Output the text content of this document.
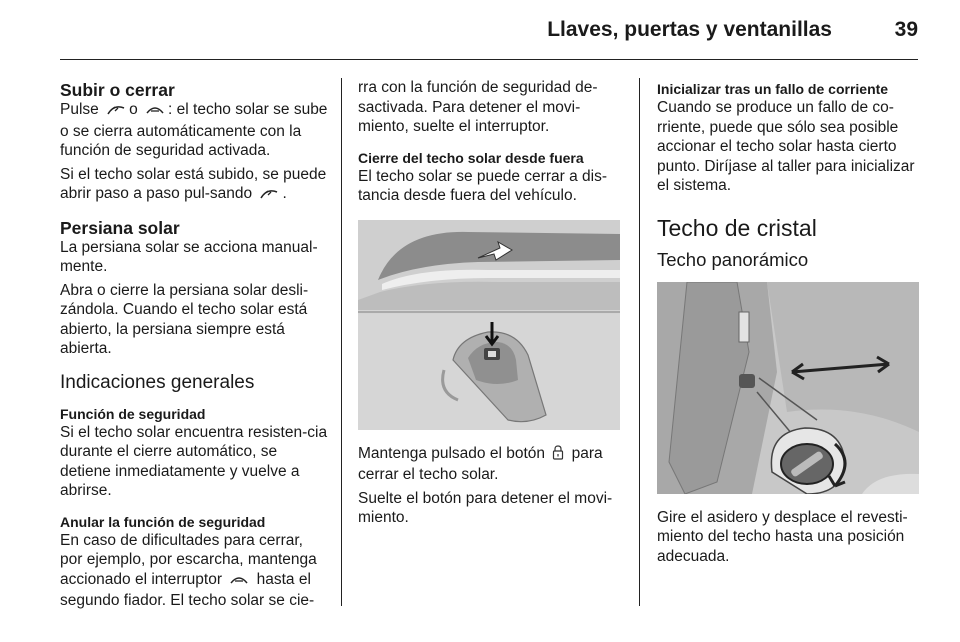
Llaves, puertas y ventanillas	39
Subir o cerrar
Pulse o : el techo solar se sube o se cierra automáticamente con la función de seguridad activada.
Si el techo solar está subido, se puede abrir paso a paso pul-sando .
Persiana solar
La persiana solar se acciona manual-mente.
Abra o cierre la persiana solar desli-zándola. Cuando el techo solar está abierto, la persiana siempre está abierta.
Indicaciones generales
Función de seguridad
Si el techo solar encuentra resisten-cia durante el cierre automático, se detiene inmediatamente y vuelve a abrirse.
Anular la función de seguridad
En caso de dificultades para cerrar, por ejemplo, por escarcha, mantenga accionado el interruptor hasta el segundo fiador. El techo solar se cie-
rra con la función de seguridad de-sactivada. Para detener el movi-miento, suelte el interruptor.
Cierre del techo solar desde fuera
El techo solar se puede cerrar a dis-tancia desde fuera del vehículo.
Mantenga pulsado el botón para cerrar el techo solar.
Suelte el botón para detener el movi-miento.
Inicializar tras un fallo de corriente
Cuando se produce un fallo de co-rriente, puede que sólo sea posible accionar el techo solar hasta cierto punto. Diríjase al taller para inicializar el sistema.
Techo de cristal
Techo panorámico
Gire el asidero y desplace el revesti-miento del techo hasta una posición adecuada.
